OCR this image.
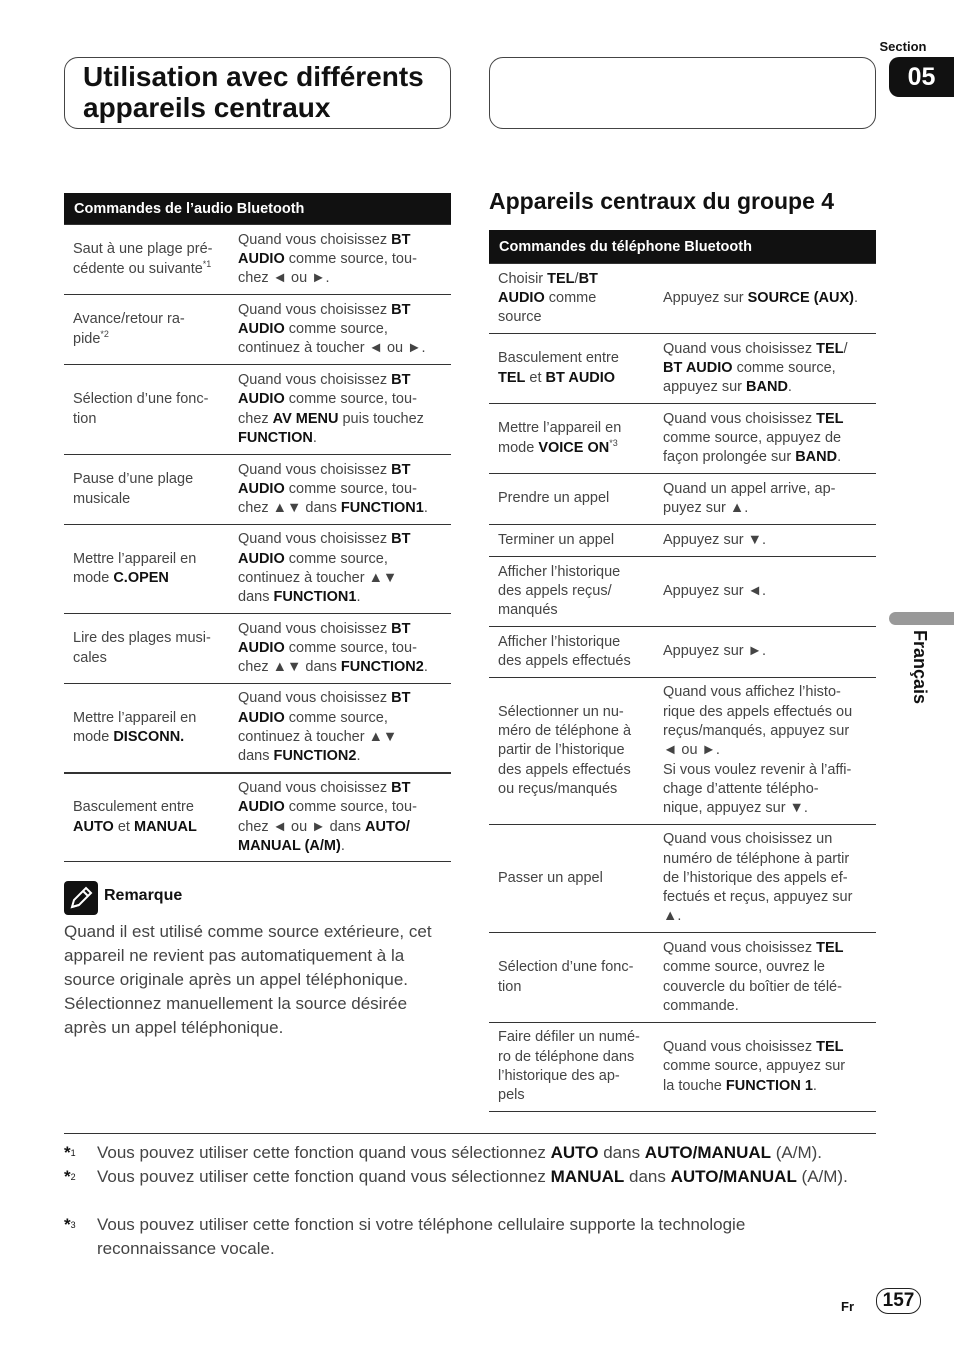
Section
05
Utilisation avec différents
appareils centraux
Français
Commandes de l’audio Bluetooth
Saut à une plage pré-
cédente ou suivante$^{*1}$
Quand vous choisissez BT
AUDIO comme source, tou-
chez ◄ ou ►.
Avance/retour ra-
pide$^{*2}$
Quand vous choisissez BT
AUDIO comme source,
continuez à toucher ◄ ou ►.
Sélection d’une fonc-
tion
Quand vous choisissez BT
AUDIO comme source, tou-
chez AV MENU puis touchez
FUNCTION.
Pause d’une plage
musicale
Quand vous choisissez BT
AUDIO comme source, tou-
chez ▲▼ dans FUNCTION1.
Mettre l’appareil en
mode C.OPEN
Quand vous choisissez BT
AUDIO comme source,
continuez à toucher ▲▼
dans FUNCTION1.
Lire des plages musi-
cales
Quand vous choisissez BT
AUDIO comme source, tou-
chez ▲▼ dans FUNCTION2.
Mettre l’appareil en
mode DISCONN.
Quand vous choisissez BT
AUDIO comme source,
continuez à toucher ▲▼
dans FUNCTION2.
Basculement entre
AUTO et MANUAL
Quand vous choisissez BT
AUDIO comme source, tou-
chez ◄ ou ► dans AUTO/
MANUAL (A/M).
Remarque
Quand il est utilisé comme source extérieure, cet appareil ne revient pas automatiquement à la source originale après un appel téléphonique. Sélectionnez manuellement la source désirée après un appel téléphonique.
Appareils centraux du groupe 4
Commandes du téléphone Bluetooth
Choisir TEL/BT
AUDIO comme
source
Appuyez sur SOURCE (AUX).
Basculement entre
TEL et BT AUDIO
Quand vous choisissez TEL/
BT AUDIO comme source,
appuyez sur BAND.
Mettre l’appareil en
mode VOICE ON$^{*3}$
Quand vous choisissez TEL
comme source, appuyez de
façon prolongée sur BAND.
Prendre un appel
Quand un appel arrive, ap-
puyez sur ▲.
Terminer un appel	Appuyez sur ▼.
Afficher l’historique
des appels reçus/
manqués
Appuyez sur ◄.
Afficher l’historique
des appels effectués
Appuyez sur ►.
Sélectionner un nu-
méro de téléphone à
partir de l’historique
des appels effectués
ou reçus/manqués
Quand vous affichez l’histo-
rique des appels effectués ou
reçus/manqués, appuyez sur
◄ ou ►.
Si vous voulez revenir à l’affi-
chage d’attente télépho-
nique, appuyez sur ▼.
Passer un appel
Quand vous choisissez un
numéro de téléphone à partir
de l’historique des appels ef-
fectués et reçus, appuyez sur
▲.
Sélection d’une fonc-
tion
Quand vous choisissez TEL
comme source, ouvrez le
couvercle du boîtier de télé-
commande.
Faire défiler un numé-
ro de téléphone dans
l’historique des ap-
pels
Quand vous choisissez TEL
comme source, appuyez sur
la touche FUNCTION 1.
*$^1$ Vous pouvez utiliser cette fonction quand vous sélectionnez AUTO dans AUTO/MANUAL (A/M).
*$^2$ Vous pouvez utiliser cette fonction quand vous sélectionnez MANUAL dans AUTO/MANUAL (A/M).
*$^3$ Vous pouvez utiliser cette fonction si votre téléphone cellulaire supporte la technologie reconnaissance vocale.
Fr	157
